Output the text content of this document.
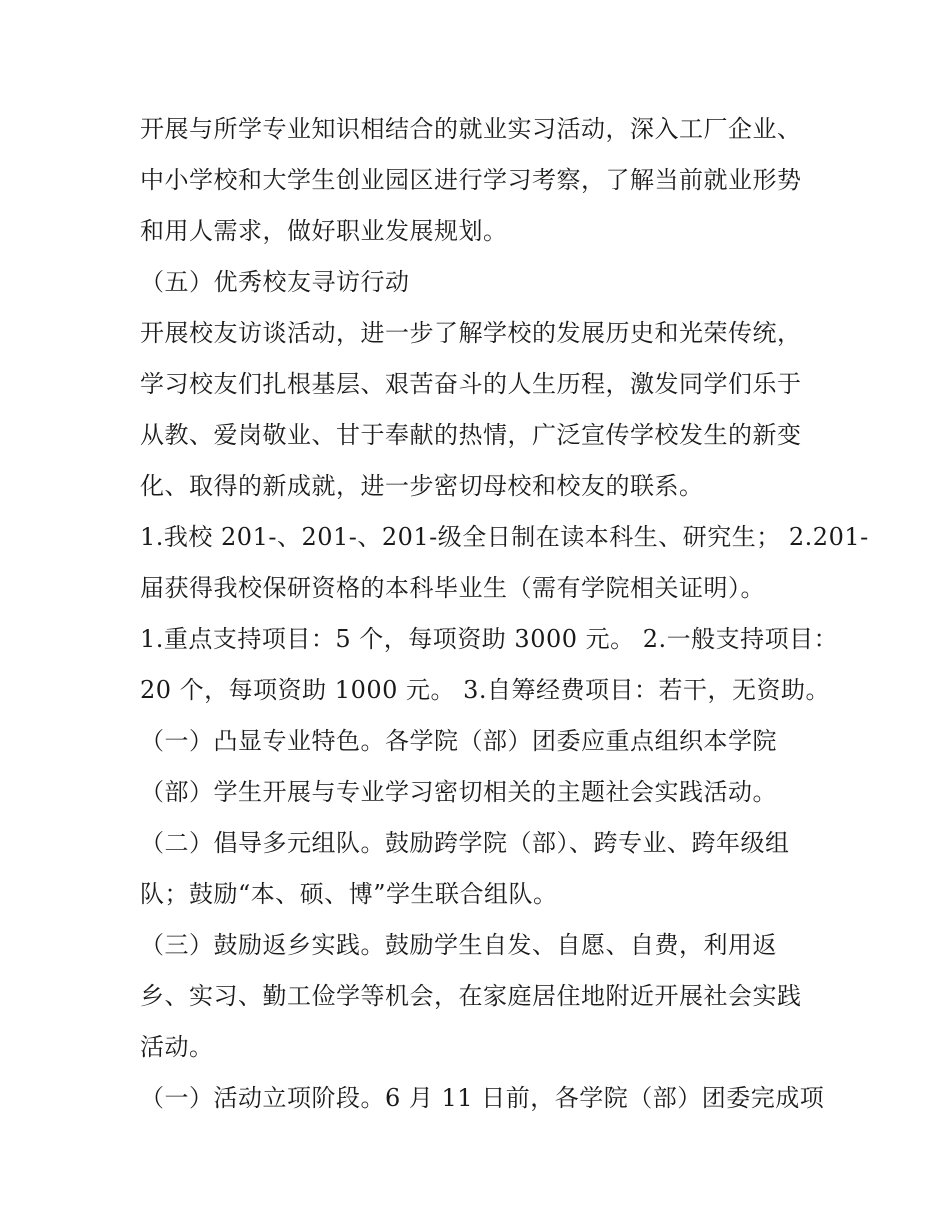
开展与所学专业知识相结合的就业实习活动，深入工厂企业、

中小学校和大学生创业园区进行学习考察，了解当前就业形势

和用人需求，做好职业发展规划。

（五）优秀校友寻访行动

开展校友访谈活动，进一步了解学校的发展历史和光荣传统，

学习校友们扎根基层、艰苦奋斗的人生历程，激发同学们乐于

从教、爱岗敬业、甘于奉献的热情，广泛宣传学校发生的新变

化、取得的新成就，进一步密切母校和校友的联系。

1.我校 201-、201-、201-级全日制在读本科生、研究生； 2.201-

届获得我校保研资格的本科毕业生（需有学院相关证明）。

1.重点支持项目：5 个，每项资助 3000 元。 2.一般支持项目：

20 个，每项资助 1000 元。 3.自筹经费项目：若干，无资助。

（一）凸显专业特色。各学院（部）团委应重点组织本学院

（部）学生开展与专业学习密切相关的主题社会实践活动。

（二）倡导多元组队。鼓励跨学院（部）、跨专业、跨年级组

队；鼓励“本、硕、博”学生联合组队。

（三）鼓励返乡实践。鼓励学生自发、自愿、自费，利用返

乡、实习、勤工俭学等机会，在家庭居住地附近开展社会实践

活动。

（一）活动立项阶段。6 月 11 日前，各学院（部）团委完成项
